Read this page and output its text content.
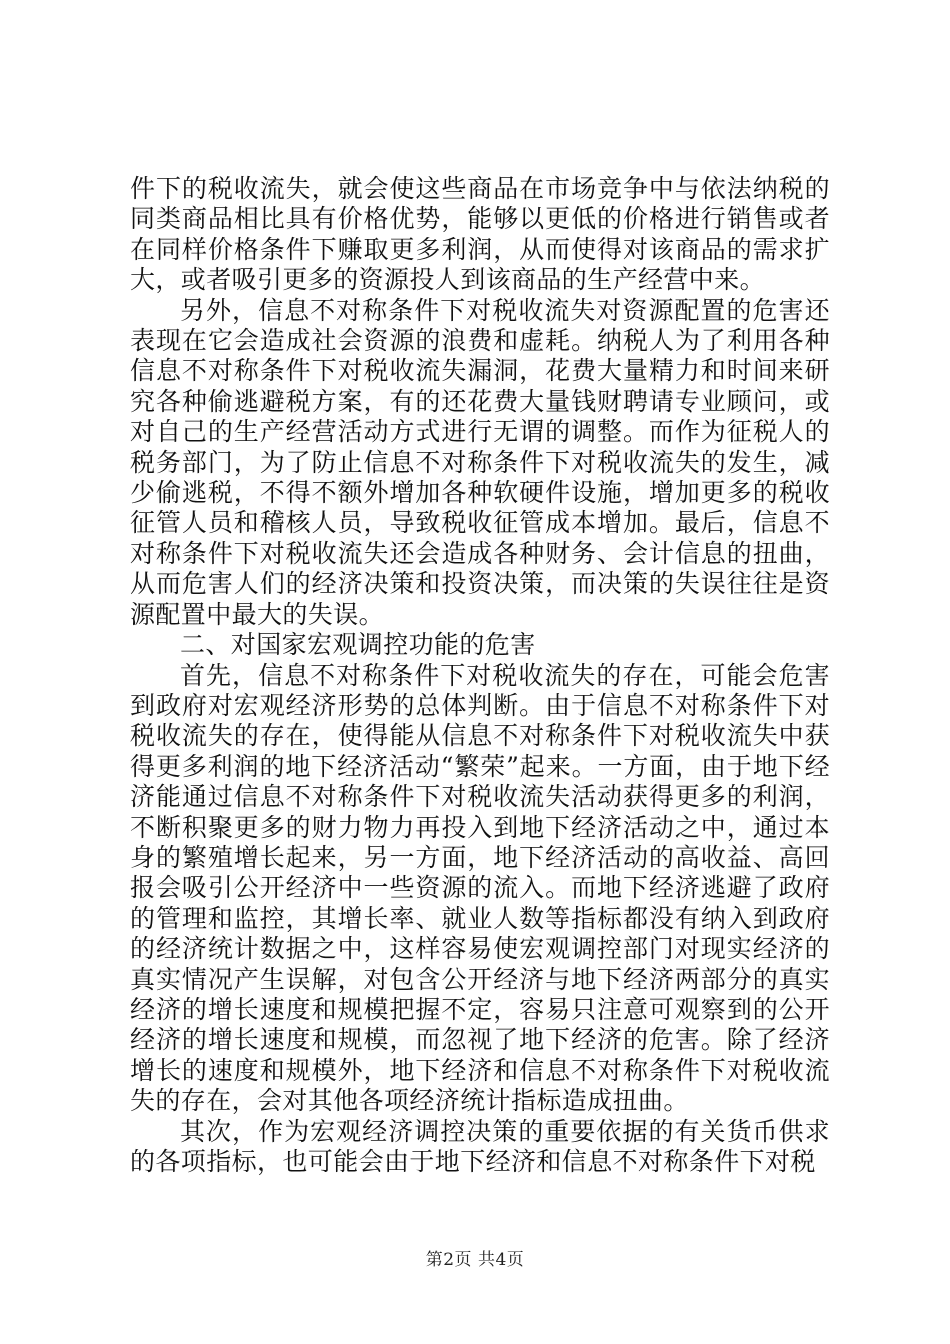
件下的税收流失，就会使这些商品在市场竞争中与依法纳税的同类商品相比具有价格优势，能够以更低的价格进行销售或者在同样价格条件下赚取更多利润，从而使得对该商品的需求扩大，或者吸引更多的资源投人到该商品的生产经营中来。

另外，信息不对称条件下对税收流失对资源配置的危害还表现在它会造成社会资源的浪费和虚耗。纳税人为了利用各种信息不对称条件下对税收流失漏洞，花费大量精力和时间来研究各种偷逃避税方案，有的还花费大量钱财聘请专业顾问，或对自己的生产经营活动方式进行无谓的调整。而作为征税人的税务部门，为了防止信息不对称条件下对税收流失的发生，减少偷逃税，不得不额外增加各种软硬件设施，增加更多的税收征管人员和稽核人员，导致税收征管成本增加。最后，信息不对称条件下对税收流失还会造成各种财务、会计信息的扭曲，从而危害人们的经济决策和投资决策，而决策的失误往往是资源配置中最大的失误。

二、对国家宏观调控功能的危害

首先，信息不对称条件下对税收流失的存在，可能会危害到政府对宏观经济形势的总体判断。由于信息不对称条件下对税收流失的存在，使得能从信息不对称条件下对税收流失中获得更多利润的地下经济活动“繁荣”起来。一方面，由于地下经济能通过信息不对称条件下对税收流失活动获得更多的利润，不断积聚更多的财力物力再投入到地下经济活动之中，通过本身的繁殖增长起来，另一方面，地下经济活动的高收益、高回报会吸引公开经济中一些资源的流入。而地下经济逃避了政府的管理和监控，其增长率、就业人数等指标都没有纳入到政府的经济统计数据之中，这样容易使宏观调控部门对现实经济的真实情况产生误解，对包含公开经济与地下经济两部分的真实经济的增长速度和规模把握不定，容易只注意可观察到的公开经济的增长速度和规模，而忽视了地下经济的危害。除了经济增长的速度和规模外，地下经济和信息不对称条件下对税收流失的存在，会对其他各项经济统计指标造成扭曲。

其次，作为宏观经济调控决策的重要依据的有关货币供求的各项指标，也可能会由于地下经济和信息不对称条件下对税

第2页 共4页
